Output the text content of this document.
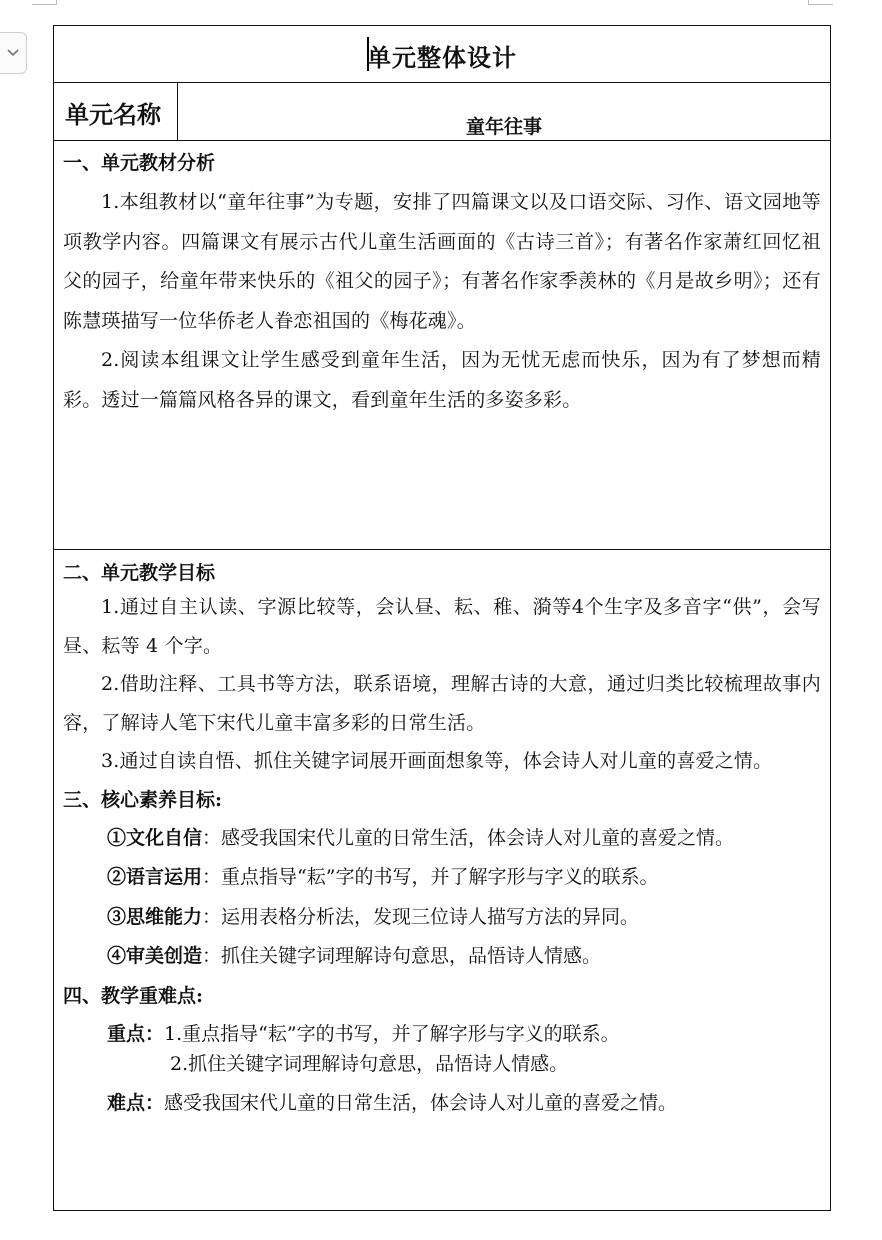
单元整体设计
单元名称	童年往事
一、单元教材分析

1.本组教材以“童年往事”为专题，安排了四篇课文以及口语交际、习作、语文园地等项教学内容。四篇课文有展示古代儿童生活画面的《古诗三首》；有著名作家萧红回忆祖父的园子，给童年带来快乐的《祖父的园子》；有著名作家季羡林的《月是故乡明》；还有陈慧瑛描写一位华侨老人眷恋祖国的《梅花魂》。

2.阅读本组课文让学生感受到童年生活，因为无忧无虑而快乐，因为有了梦想而精彩。透过一篇篇风格各异的课文，看到童年生活的多姿多彩。

二、单元教学目标

1.通过自主认读、字源比较等，会认昼、耘、稚、漪等4个生字及多音字“供”，会写昼、耘等 4 个字。

2.借助注释、工具书等方法，联系语境，理解古诗的大意，通过归类比较梳理故事内容，了解诗人笔下宋代儿童丰富多彩的日常生活。

3.通过自读自悟、抓住关键字词展开画面想象等，体会诗人对儿童的喜爱之情。

三、核心素养目标:

①文化自信：感受我国宋代儿童的日常生活，体会诗人对儿童的喜爱之情。

②语言运用：重点指导“耘”字的书写，并了解字形与字义的联系。

③思维能力：运用表格分析法，发现三位诗人描写方法的异同。

④审美创造：抓住关键字词理解诗句意思，品悟诗人情感。

四、教学重难点:

重点：1.重点指导“耘”字的书写，并了解字形与字义的联系。

2.抓住关键字词理解诗句意思，品悟诗人情感。

难点：感受我国宋代儿童的日常生活，体会诗人对儿童的喜爱之情。
